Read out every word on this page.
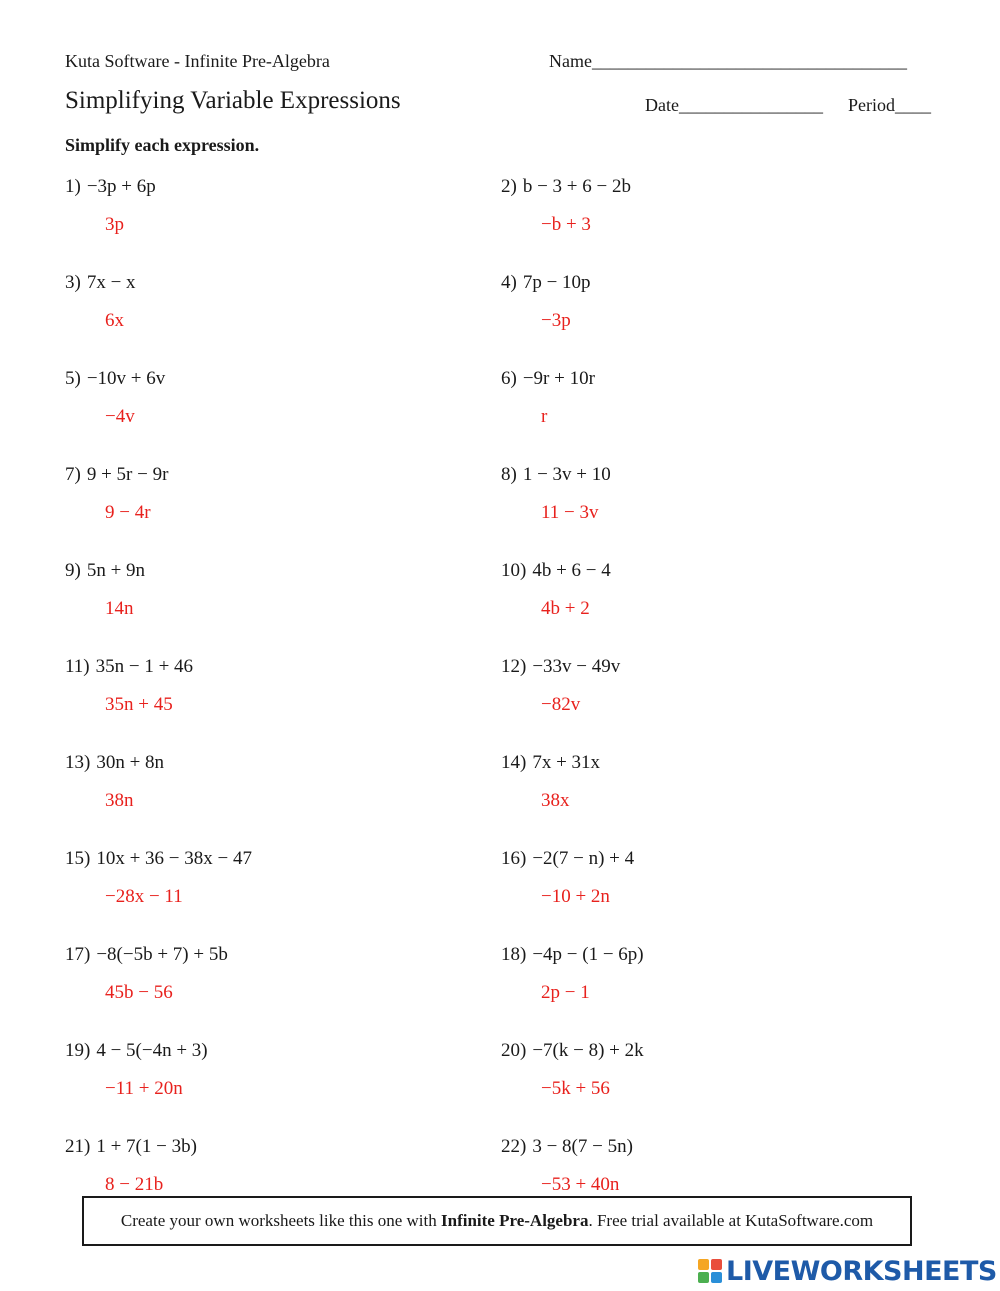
Kuta Software - Infinite Pre-Algebra	Name___________________________________
Simplifying Variable Expressions	Date________________ Period____
Simplify each expression.
1) −3p + 6p
3p
2) b − 3 + 6 − 2b
−b + 3
3) 7x − x
6x
4) 7p − 10p
−3p
5) −10v + 6v
−4v
6) −9r + 10r
r
7) 9 + 5r − 9r
9 − 4r
8) 1 − 3v + 10
11 − 3v
9) 5n + 9n
14n
10) 4b + 6 − 4
4b + 2
11) 35n − 1 + 46
35n + 45
12) −33v − 49v
−82v
13) 30n + 8n
38n
14) 7x + 31x
38x
15) 10x + 36 − 38x − 47
−28x − 11
16) −2(7 − n) + 4
−10 + 2n
17) −8(−5b + 7) + 5b
45b − 56
18) −4p − (1 − 6p)
2p − 1
19) 4 − 5(−4n + 3)
−11 + 20n
20) −7(k − 8) + 2k
−5k + 56
21) 1 + 7(1 − 3b)
8 − 21b
22) 3 − 8(7 − 5n)
−53 + 40n
Create your own worksheets like this one with Infinite Pre-Algebra. Free trial available at KutaSoftware.com
LIVEWORKSHEETS
